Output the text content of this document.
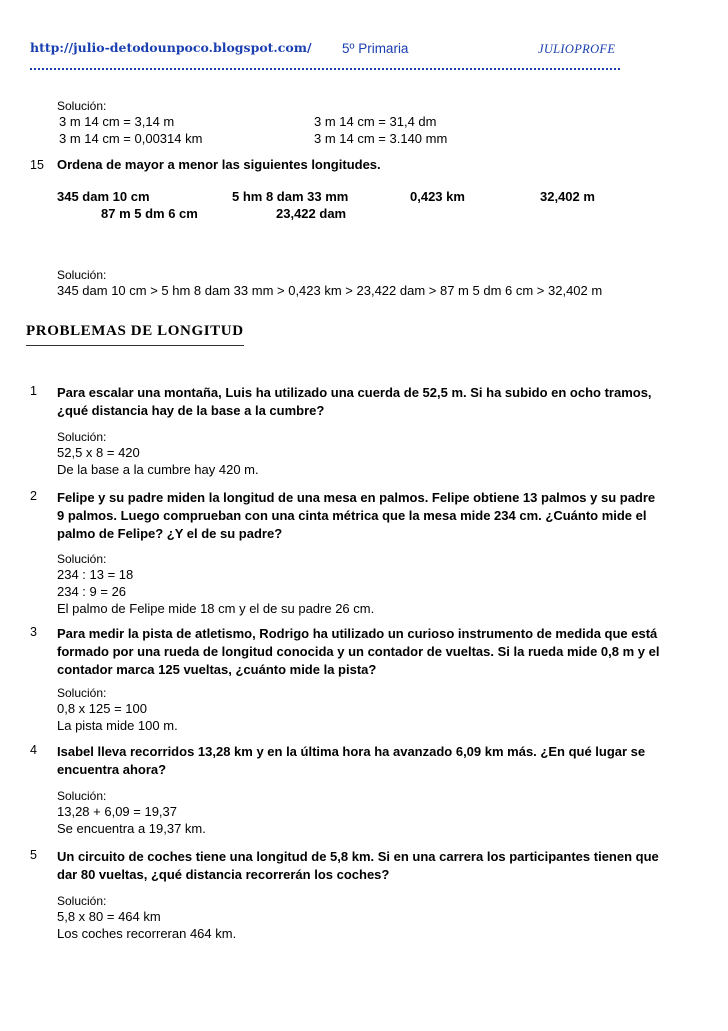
http://julio-detodounpoco.blogspot.com/ 5º Primaria	JULIOPROFE
Solución:
3 m 14 cm = 3,14 m	3 m 14 cm = 31,4 dm
3 m 14 cm = 0,00314 km	3 m 14 cm = 3.140 mm
15 Ordena de mayor a menor las siguientes longitudes.
345 dam 10 cm	5 hm 8 dam 33 mm	0,423 km	32,402 m
87 m 5 dm 6 cm	23,422 dam
Solución:
345 dam 10 cm > 5 hm 8 dam 33 mm > 0,423 km > 23,422 dam > 87 m 5 dm 6 cm > 32,402 m
PROBLEMAS DE LONGITUD
1 Para escalar una montaña, Luis ha utilizado una cuerda de 52,5 m. Si ha subido en ocho tramos,
¿qué distancia hay de la base a la cumbre?
Solución:
52,5 x 8 = 420
De la base a la cumbre hay 420 m.
2 Felipe y su padre miden la longitud de una mesa en palmos. Felipe obtiene 13 palmos y su padre
9 palmos. Luego comprueban con una cinta métrica que la mesa mide 234 cm. ¿Cuánto mide el
palmo de Felipe? ¿Y el de su padre?
Solución:
234 : 13 = 18
234 : 9 = 26
El palmo de Felipe mide 18 cm y el de su padre 26 cm.
3 Para medir la pista de atletismo, Rodrigo ha utilizado un curioso instrumento de medida que está
formado por una rueda de longitud conocida y un contador de vueltas. Si la rueda mide 0,8 m y el
contador marca 125 vueltas, ¿cuánto mide la pista?
Solución:
0,8 x 125 = 100
La pista mide 100 m.
4 Isabel lleva recorridos 13,28 km y en la última hora ha avanzado 6,09 km más. ¿En qué lugar se
encuentra ahora?
Solución:
13,28 + 6,09 = 19,37
Se encuentra a 19,37 km.
5 Un circuito de coches tiene una longitud de 5,8 km. Si en una carrera los participantes tienen que
dar 80 vueltas, ¿qué distancia recorrerán los coches?
Solución:
5,8 x 80 = 464 km
Los coches recorreran 464 km.
